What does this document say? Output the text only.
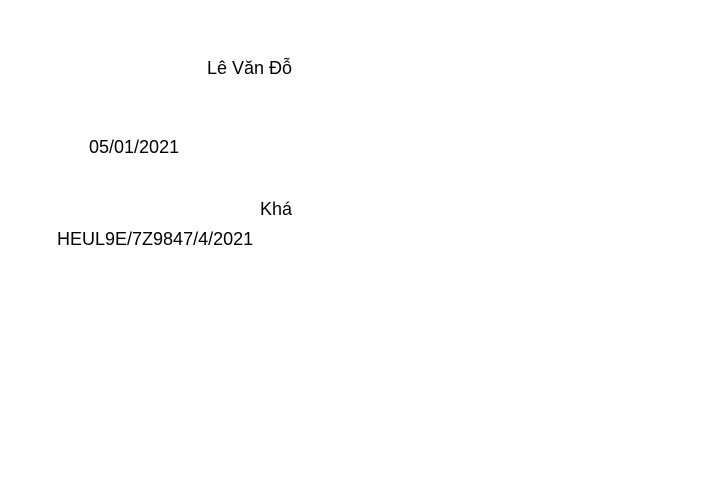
Lê Văn Đỗ
05/01/2021
Khá
HEUL9E/7Z9847/4/2021
